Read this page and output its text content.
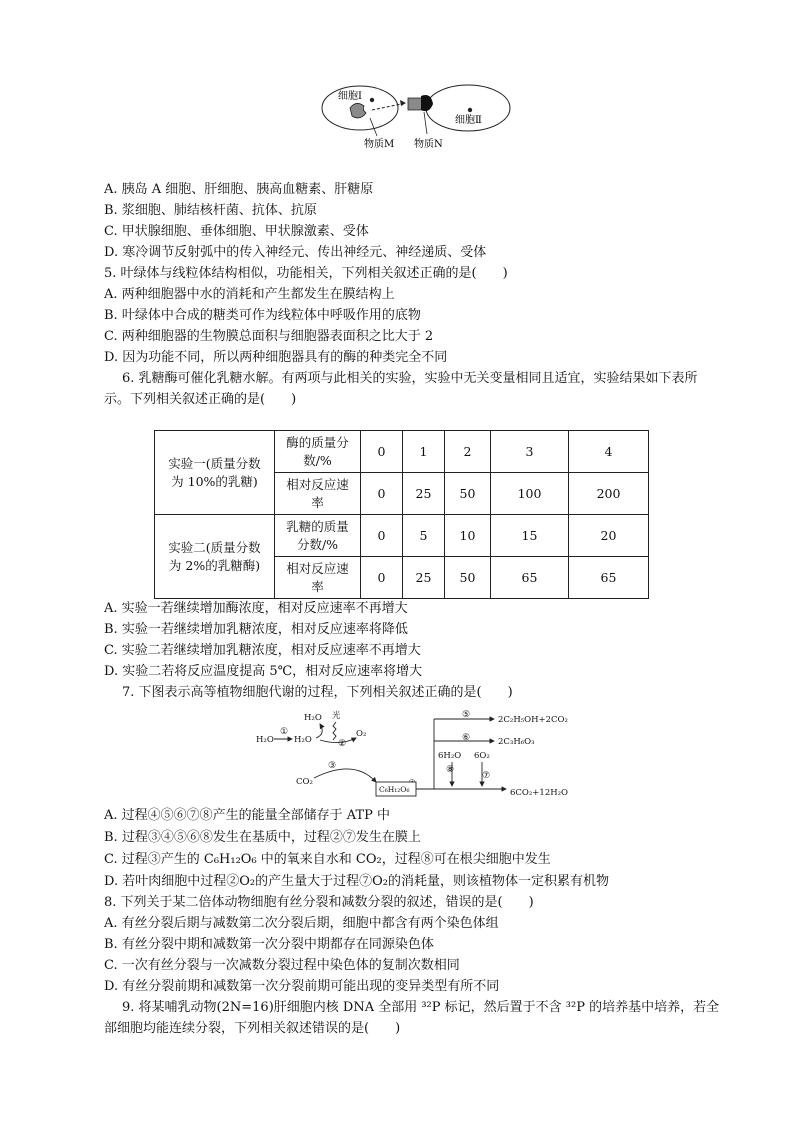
细胞Ⅰ
细胞Ⅱ
物质M 物质N
A. 胰岛 A 细胞、肝细胞、胰高血糖素、肝糖原
B. 浆细胞、肺结核杆菌、抗体、抗原
C. 甲状腺细胞、垂体细胞、甲状腺激素、受体
D. 寒冷调节反射弧中的传入神经元、传出神经元、神经递质、受体
5. 叶绿体与线粒体结构相似，功能相关，下列相关叙述正确的是(　　)
A. 两种细胞器中水的消耗和产生都发生在膜结构上
B. 叶绿体中合成的糖类可作为线粒体中呼吸作用的底物
C. 两种细胞器的生物膜总面积与细胞器表面积之比大于 2
D. 因为功能不同，所以两种细胞器具有的酶的种类完全不同
6. 乳糖酶可催化乳糖水解。有两项与此相关的实验，实验中无关变量相同且适宜，实验结果如下表所
示。下列相关叙述正确的是(　　)
实验一(质量分数
为 10%的乳糖)	酶的质量分
数/%	0	1	2	3	4
	相对反应速
率	0	25	50	100	200
实验二(质量分数
为 2%的乳糖酶)	乳糖的质量
分数/%	0	5	10	15	20
	相对反应速
率	0	25	50	65	65
A. 实验一若继续增加酶浓度，相对反应速率不再增大
B. 实验一若继续增加乳糖浓度，相对反应速率将降低
C. 实验二若继续增加乳糖浓度，相对反应速率不再增大
D. 实验二若将反应温度提高 5℃，相对反应速率将增大
7. 下图表示高等植物细胞代谢的过程，下列相关叙述正确的是(　　)
H₂O H₂O
H₂O 光
O₂
CO₂
6H₂O 6O₂
2C₂H₅OH+2CO₂
2C₃H₆O₃
6CO₂+12H₂O
①
②
③
⑤
⑥
⑦
⑧
C₆H₁₂O₆
A. 过程④⑤⑥⑦⑧产生的能量全部储存于 ATP 中
B. 过程③④⑤⑥⑧发生在基质中，过程②⑦发生在膜上
C. 过程③产生的 C₆H₁₂O₆ 中的氧来自水和 CO₂，过程⑧可在根尖细胞中发生
D. 若叶肉细胞中过程②O₂的产生量大于过程⑦O₂的消耗量，则该植物体一定积累有机物
8. 下列关于某二倍体动物细胞有丝分裂和减数分裂的叙述，错误的是(　　)
A. 有丝分裂后期与减数第二次分裂后期，细胞中都含有两个染色体组
B. 有丝分裂中期和减数第一次分裂中期都存在同源染色体
C. 一次有丝分裂与一次减数分裂过程中染色体的复制次数相同
D. 有丝分裂前期和减数第一次分裂前期可能出现的变异类型有所不同
9. 将某哺乳动物(2N=16)肝细胞内核 DNA 全部用 ³²P 标记，然后置于不含 ³²P 的培养基中培养，若全
部细胞均能连续分裂，下列相关叙述错误的是(　　)
